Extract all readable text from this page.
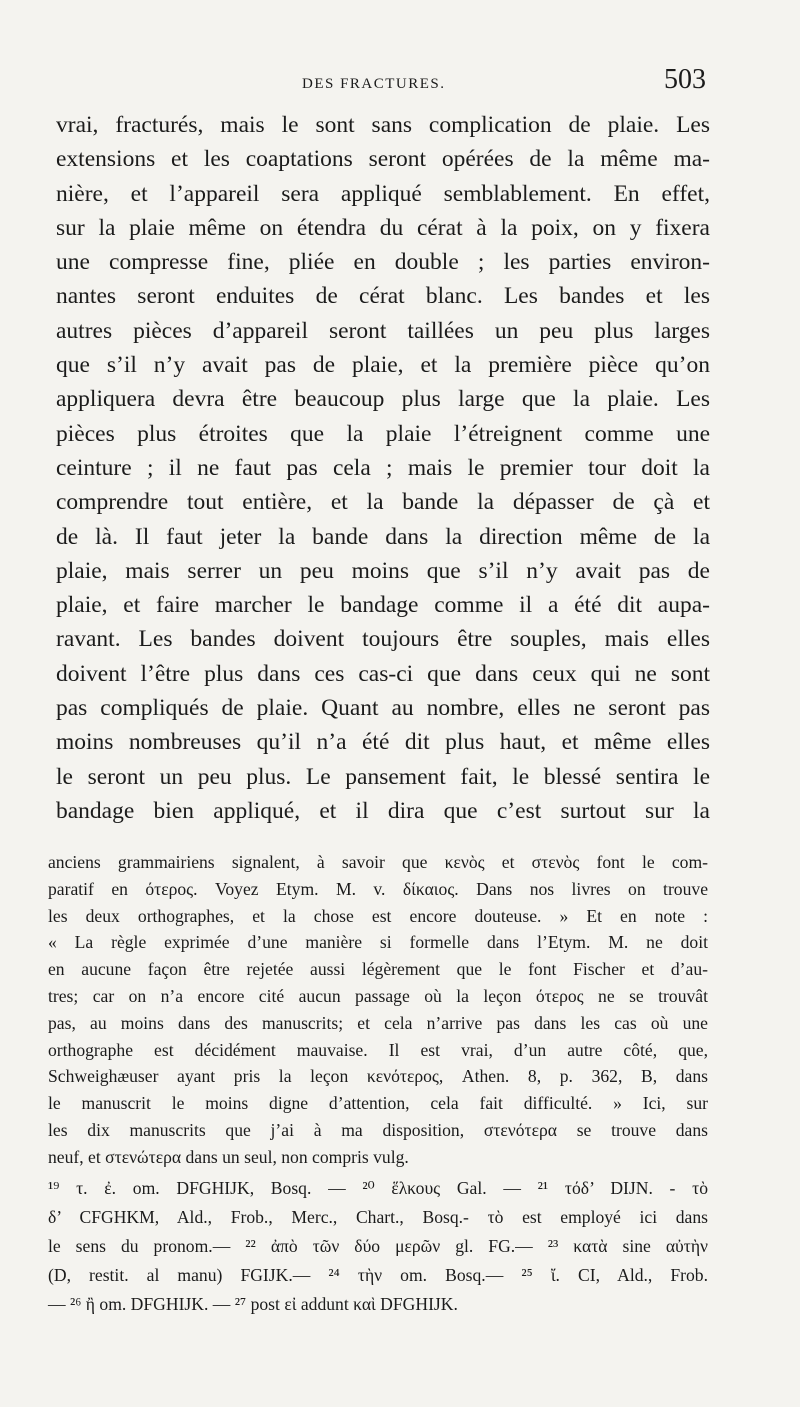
DES FRACTURES.	503
vrai, fracturés, mais le sont sans complication de plaie. Les
extensions et les coaptations seront opérées de la même ma-
nière, et l’appareil sera appliqué semblablement. En effet,
sur la plaie même on étendra du cérat à la poix, on y fixera
une compresse fine, pliée en double ; les parties environ-
nantes seront enduites de cérat blanc. Les bandes et les
autres pièces d’appareil seront taillées un peu plus larges
que s’il n’y avait pas de plaie, et la première pièce qu’on
appliquera devra être beaucoup plus large que la plaie. Les
pièces plus étroites que la plaie l’étreignent comme une
ceinture ; il ne faut pas cela ; mais le premier tour doit la
comprendre tout entière, et la bande la dépasser de çà et
de là. Il faut jeter la bande dans la direction même de la
plaie, mais serrer un peu moins que s’il n’y avait pas de
plaie, et faire marcher le bandage comme il a été dit aupa-
ravant. Les bandes doivent toujours être souples, mais elles
doivent l’être plus dans ces cas-ci que dans ceux qui ne sont
pas compliqués de plaie. Quant au nombre, elles ne seront pas
moins nombreuses qu’il n’a été dit plus haut, et même elles
le seront un peu plus. Le pansement fait, le blessé sentira le
bandage bien appliqué, et il dira que c’est surtout sur la
anciens grammairiens signalent, à savoir que κενὸς et στενὸς font le com-
paratif en ότερος. Voyez Etym. M. v. δίκαιος. Dans nos livres on trouve
les deux orthographes, et la chose est encore douteuse. » Et en note :
« La règle exprimée d’une manière si formelle dans l’Etym. M. ne doit
en aucune façon être rejetée aussi légèrement que le font Fischer et d’au-
tres; car on n’a encore cité aucun passage où la leçon ότερος ne se trouvât
pas, au moins dans des manuscrits; et cela n’arrive pas dans les cas où une
orthographe est décidément mauvaise. Il est vrai, d’un autre côté, que,
Schweighæuser ayant pris la leçon κενότερος, Athen. 8, p. 362, B, dans
le manuscrit le moins digne d’attention, cela fait difficulté. » Ici, sur
les dix manuscrits que j’ai à ma disposition, στενότερα se trouve dans
neuf, et στενώτερα dans un seul, non compris vulg.
¹⁹ τ. ἐ. om. DFGHIJK, Bosq. — ²⁰ ἕλκους Gal. — ²¹ τόδ’ DIJN. - τὸ
δ’ CFGHKM, Ald., Frob., Merc., Chart., Bosq.- τὸ est employé ici dans
le sens du pronom.— ²² ἀπὸ τῶν δύο μερῶν gl. FG.— ²³ κατὰ sine αὐτὴν
(D, restit. al manu) FGIJK.— ²⁴ τὴν om. Bosq.— ²⁵ ἴ. CI, Ald., Frob.
— ²⁶ ἢ om. DFGHIJK. — ²⁷ post εἰ addunt καὶ DFGHIJK.
